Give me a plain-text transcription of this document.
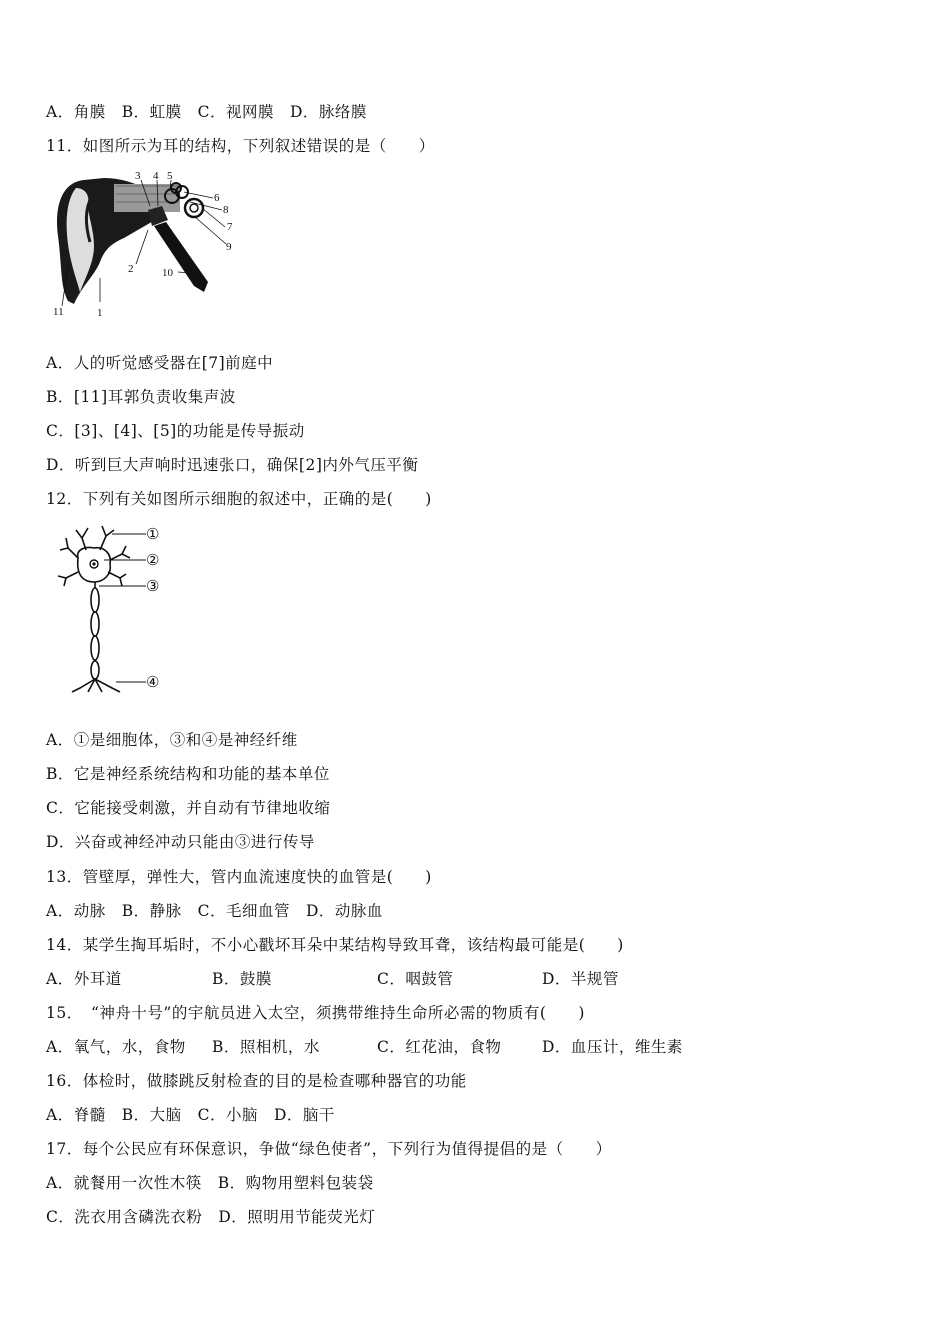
A．角膜　B．虹膜　C．视网膜　D．脉络膜
11．如图所示为耳的结构，下列叙述错误的是（　　）
1
2
3 4 5
6
7
8
9
10
11
A．人的听觉感受器在[7]前庭中
B．[11]耳郭负责收集声波
C．[3]、[4]、[5]的功能是传导振动
D．听到巨大声响时迅速张口，确保[2]内外气压平衡
12．下列有关如图所示细胞的叙述中，正确的是(　　)
①
②
③
④
A．①是细胞体，③和④是神经纤维
B．它是神经系统结构和功能的基本单位
C．它能接受刺激，并自动有节律地收缩
D．兴奋或神经冲动只能由③进行传导
13．管壁厚，弹性大，管内血流速度快的血管是(　　)
A．动脉　B．静脉　C．毛细血管　D．动脉血
14．某学生掏耳垢时，不小心戳坏耳朵中某结构导致耳聋，该结构最可能是(　　)
A．外耳道	B．鼓膜	C．咽鼓管	D．半规管
15．　“神舟十号”的宇航员进入太空，须携带维持生命所必需的物质有(　　)
A．氧气，水，食物 B．照相机，水	C．红花油，食物	D．血压计，维生素
16．体检时，做膝跳反射检查的目的是检查哪种器官的功能
A．脊髓　B．大脑　C．小脑　D．脑干
17．每个公民应有环保意识，争做“绿色使者”，下列行为值得提倡的是（　　）
A．就餐用一次性木筷　B．购物用塑料包装袋
C．洗衣用含磷洗衣粉　D．照明用节能荧光灯
